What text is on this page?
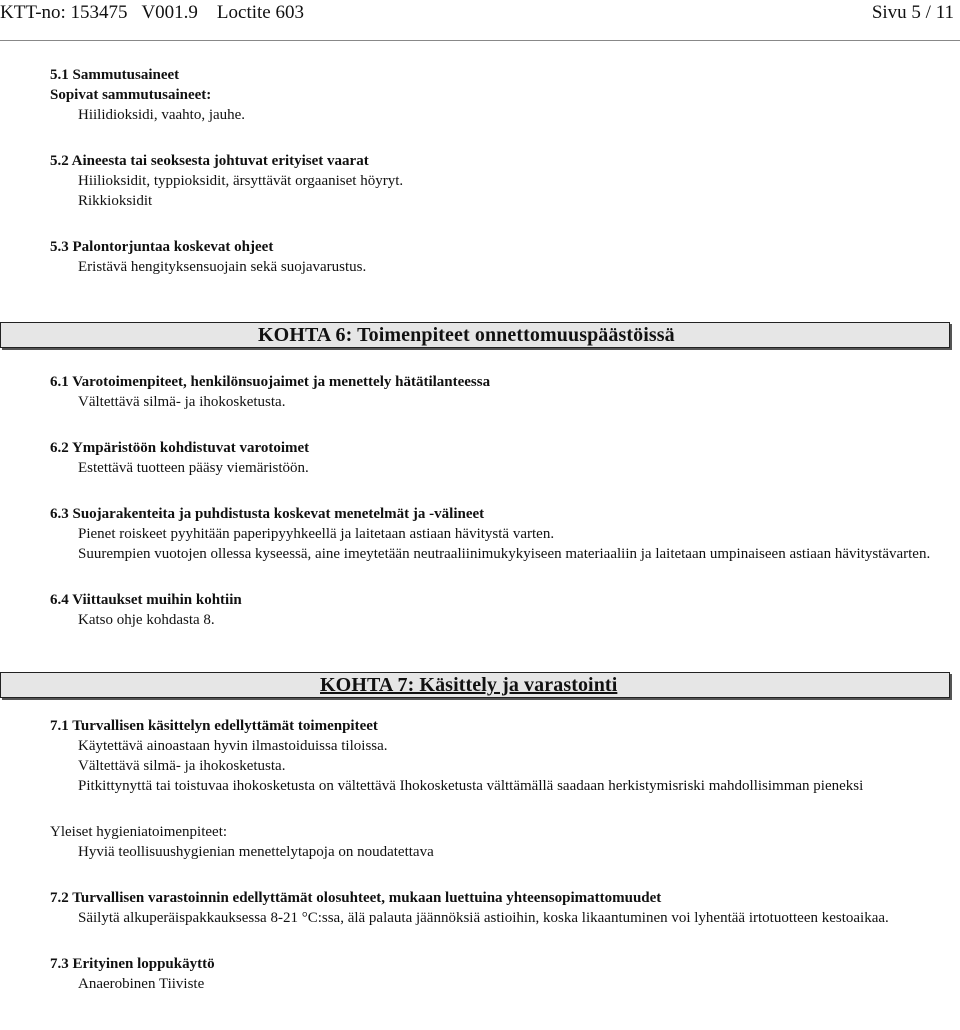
KTT-no: 153475   V001.9    Loctite 603	Sivu 5 / 11
5.1 Sammutusaineet
Sopivat sammutusaineet:
Hiilidioksidi, vaahto, jauhe.
5.2 Aineesta tai seoksesta johtuvat erityiset vaarat
Hiilioksidit, typpioksidit, ärsyttävät orgaaniset höyryt.
Rikkioksidit
5.3 Palontorjuntaa koskevat ohjeet
Eristävä hengityksensuojain sekä suojavarustus.
KOHTA 6: Toimenpiteet onnettomuuspäästöissä
6.1 Varotoimenpiteet, henkilönsuojaimet ja menettely hätätilanteessa
Vältettävä silmä- ja ihokosketusta.
6.2 Ympäristöön kohdistuvat varotoimet
Estettävä tuotteen pääsy viemäristöön.
6.3 Suojarakenteita ja puhdistusta koskevat menetelmät ja -välineet
Pienet roiskeet pyyhitään paperipyyhkeellä ja laitetaan astiaan hävitystä varten.
Suurempien vuotojen ollessa kyseessä, aine imeytetään neutraaliinimukykyiseen materiaaliin ja laitetaan umpinaiseen astiaan hävitystävarten.
6.4 Viittaukset muihin kohtiin
Katso ohje kohdasta 8.
KOHTA 7: Käsittely ja varastointi
7.1 Turvallisen käsittelyn edellyttämät toimenpiteet
Käytettävä ainoastaan hyvin ilmastoiduissa tiloissa.
Vältettävä silmä- ja ihokosketusta.
Pitkittynyttä tai toistuvaa ihokosketusta on vältettävä Ihokosketusta välttämällä saadaan herkistymisriski mahdollisimman pieneksi
Yleiset hygieniatoimenpiteet:
Hyviä teollisuushygienian menettelytapoja on noudatettava
7.2 Turvallisen varastoinnin edellyttämät olosuhteet, mukaan luettuina yhteensopimattomuudet
Säilytä alkuperäispakkauksessa 8-21 °C:ssa, älä palauta jäännöksiä astioihin, koska likaantuminen voi lyhentää irtotuotteen kestoaikaa.
7.3 Erityinen loppukäyttö
Anaerobinen Tiiviste
